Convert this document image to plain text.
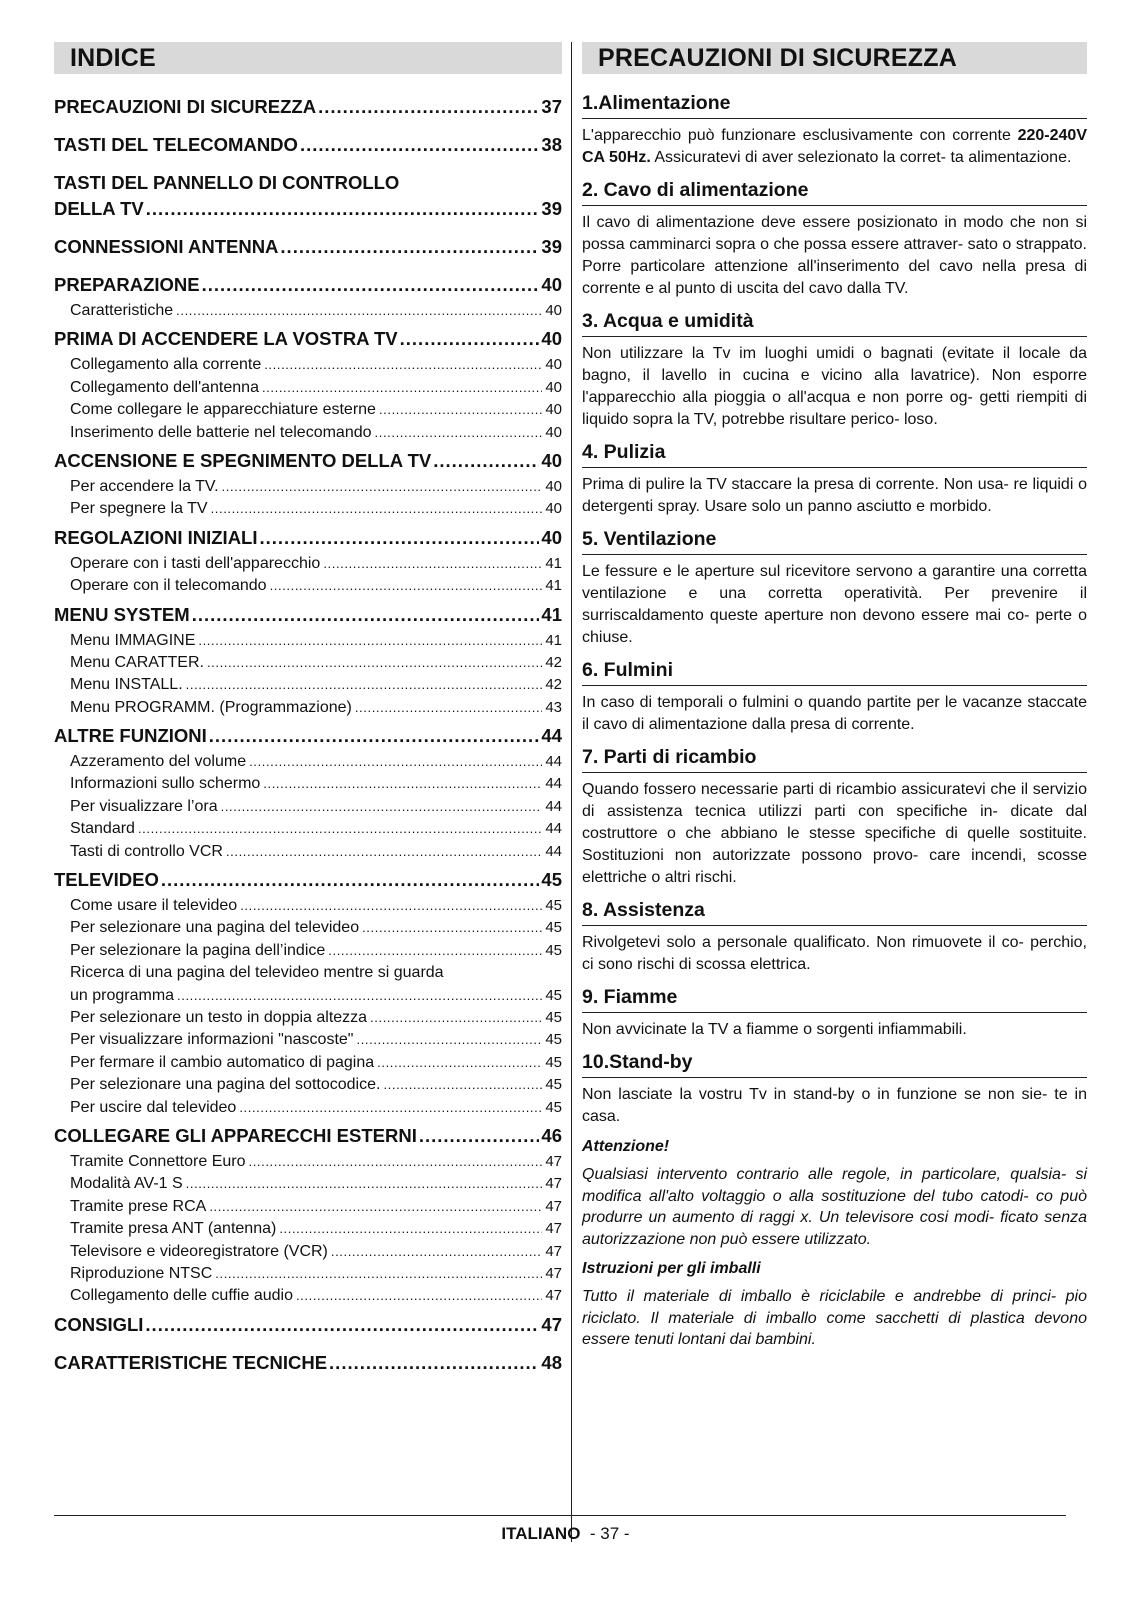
INDICE
PRECAUZIONI DI SICUREZZA .....	37
TASTI DEL TELECOMANDO .....	38
TASTI DEL PANNELLO DI CONTROLLO
DELLA TV .....	39
CONNESSIONI ANTENNA .....	39
PREPARAZIONE .....	40
Caratteristiche .....	40
PRIMA DI ACCENDERE LA VOSTRA TV .....	40
Collegamento alla corrente .....	40
Collegamento dell'antenna .....	40
Come collegare le apparecchiature esterne .....	40
Inserimento delle batterie nel telecomando .....	40
ACCENSIONE E SPEGNIMENTO DELLA TV .....	40
Per accendere la TV. .....	40
Per spegnere la TV .....	40
REGOLAZIONI INIZIALI .....	40
Operare con i tasti dell'apparecchio .....	41
Operare con il telecomando .....	41
MENU SYSTEM .....	41
Menu IMMAGINE .....	41
Menu CARATTER. .....	42
Menu INSTALL. .....	42
Menu PROGRAMM. (Programmazione) .....	43
ALTRE FUNZIONI .....	44
Azzeramento del volume .....	44
Informazioni sullo schermo .....	44
Per visualizzare l’ora .....	44
Standard .....	44
Tasti di controllo VCR .....	44
TELEVIDEO .....	45
Come usare il televideo .....	45
Per selezionare una pagina del televideo .....	45
Per selezionare la pagina dell’indice .....	45
Ricerca di una pagina del televideo mentre si guarda
un programma .....	45
Per selezionare un testo in doppia altezza .....	45
Per visualizzare informazioni "nascoste" .....	45
Per fermare il cambio automatico di pagina .....	45
Per selezionare una pagina del sottocodice. .....	45
Per uscire dal televideo .....	45
COLLEGARE GLI APPARECCHI ESTERNI .....	46
Tramite Connettore Euro .....	47
Modalità AV-1 S .....	47
Tramite prese RCA .....	47
Tramite presa ANT (antenna) .....	47
Televisore e videoregistratore (VCR) .....	47
Riproduzione NTSC .....	47
Collegamento delle cuffie audio .....	47
CONSIGLI .....	47
CARATTERISTICHE TECNICHE .....	48
PRECAUZIONI DI SICUREZZA
1.Alimentazione

L'apparecchio può funzionare esclusivamente con corrente 220-240V CA 50Hz. Assicuratevi di aver selezionato la corret- ta alimentazione.

2. Cavo di alimentazione

Il cavo di alimentazione deve essere posizionato in modo che non si possa camminarci sopra o che possa essere attraver- sato o strappato. Porre particolare attenzione all'inserimento del cavo nella presa di corrente e al punto di uscita del cavo dalla TV.

3. Acqua e umidità

Non utilizzare la Tv im luoghi umidi o bagnati (evitate il locale da bagno, il lavello in cucina e vicino alla lavatrice). Non esporre l'apparecchio alla pioggia o all'acqua e non porre og- getti riempiti di liquido sopra la TV, potrebbe risultare perico- loso.

4. Pulizia

Prima di pulire la TV staccare la presa di corrente. Non usa- re liquidi o detergenti spray. Usare solo un panno asciutto e morbido.

5. Ventilazione

Le fessure e le aperture sul ricevitore servono a garantire una corretta ventilazione e una corretta operatività. Per prevenire il surriscaldamento queste aperture non devono essere mai co- perte o chiuse.

6. Fulmini

In caso di temporali o fulmini o quando partite per le vacanze staccate il cavo di alimentazione dalla presa di corrente.

7. Parti di ricambio

Quando fossero necessarie parti di ricambio assicuratevi che il servizio di assistenza tecnica utilizzi parti con specifiche in- dicate dal costruttore o che abbiano le stesse specifiche di quelle sostituite. Sostituzioni non autorizzate possono provo- care incendi, scosse elettriche o altri rischi.

8. Assistenza

Rivolgetevi solo a personale qualificato. Non rimuovete il co- perchio, ci sono rischi di scossa elettrica.

9. Fiamme

Non avvicinate la TV a fiamme o sorgenti infiammabili.

10.Stand-by

Non lasciate la vostru Tv in stand-by o in funzione se non sie- te in casa.

Attenzione!

Qualsiasi intervento contrario alle regole, in particolare, qualsia- si modifica all'alto voltaggio o alla sostituzione del tubo catodi- co può produrre un aumento di raggi x. Un televisore cosi modi- ficato senza autorizzazione non può essere utilizzato.

Istruzioni per gli imballi

Tutto il materiale di imballo è riciclabile e andrebbe di princi- pio riciclato. Il materiale di imballo come sacchetti di plastica devono essere tenuti lontani dai bambini.

ITALIANO - 37 -
